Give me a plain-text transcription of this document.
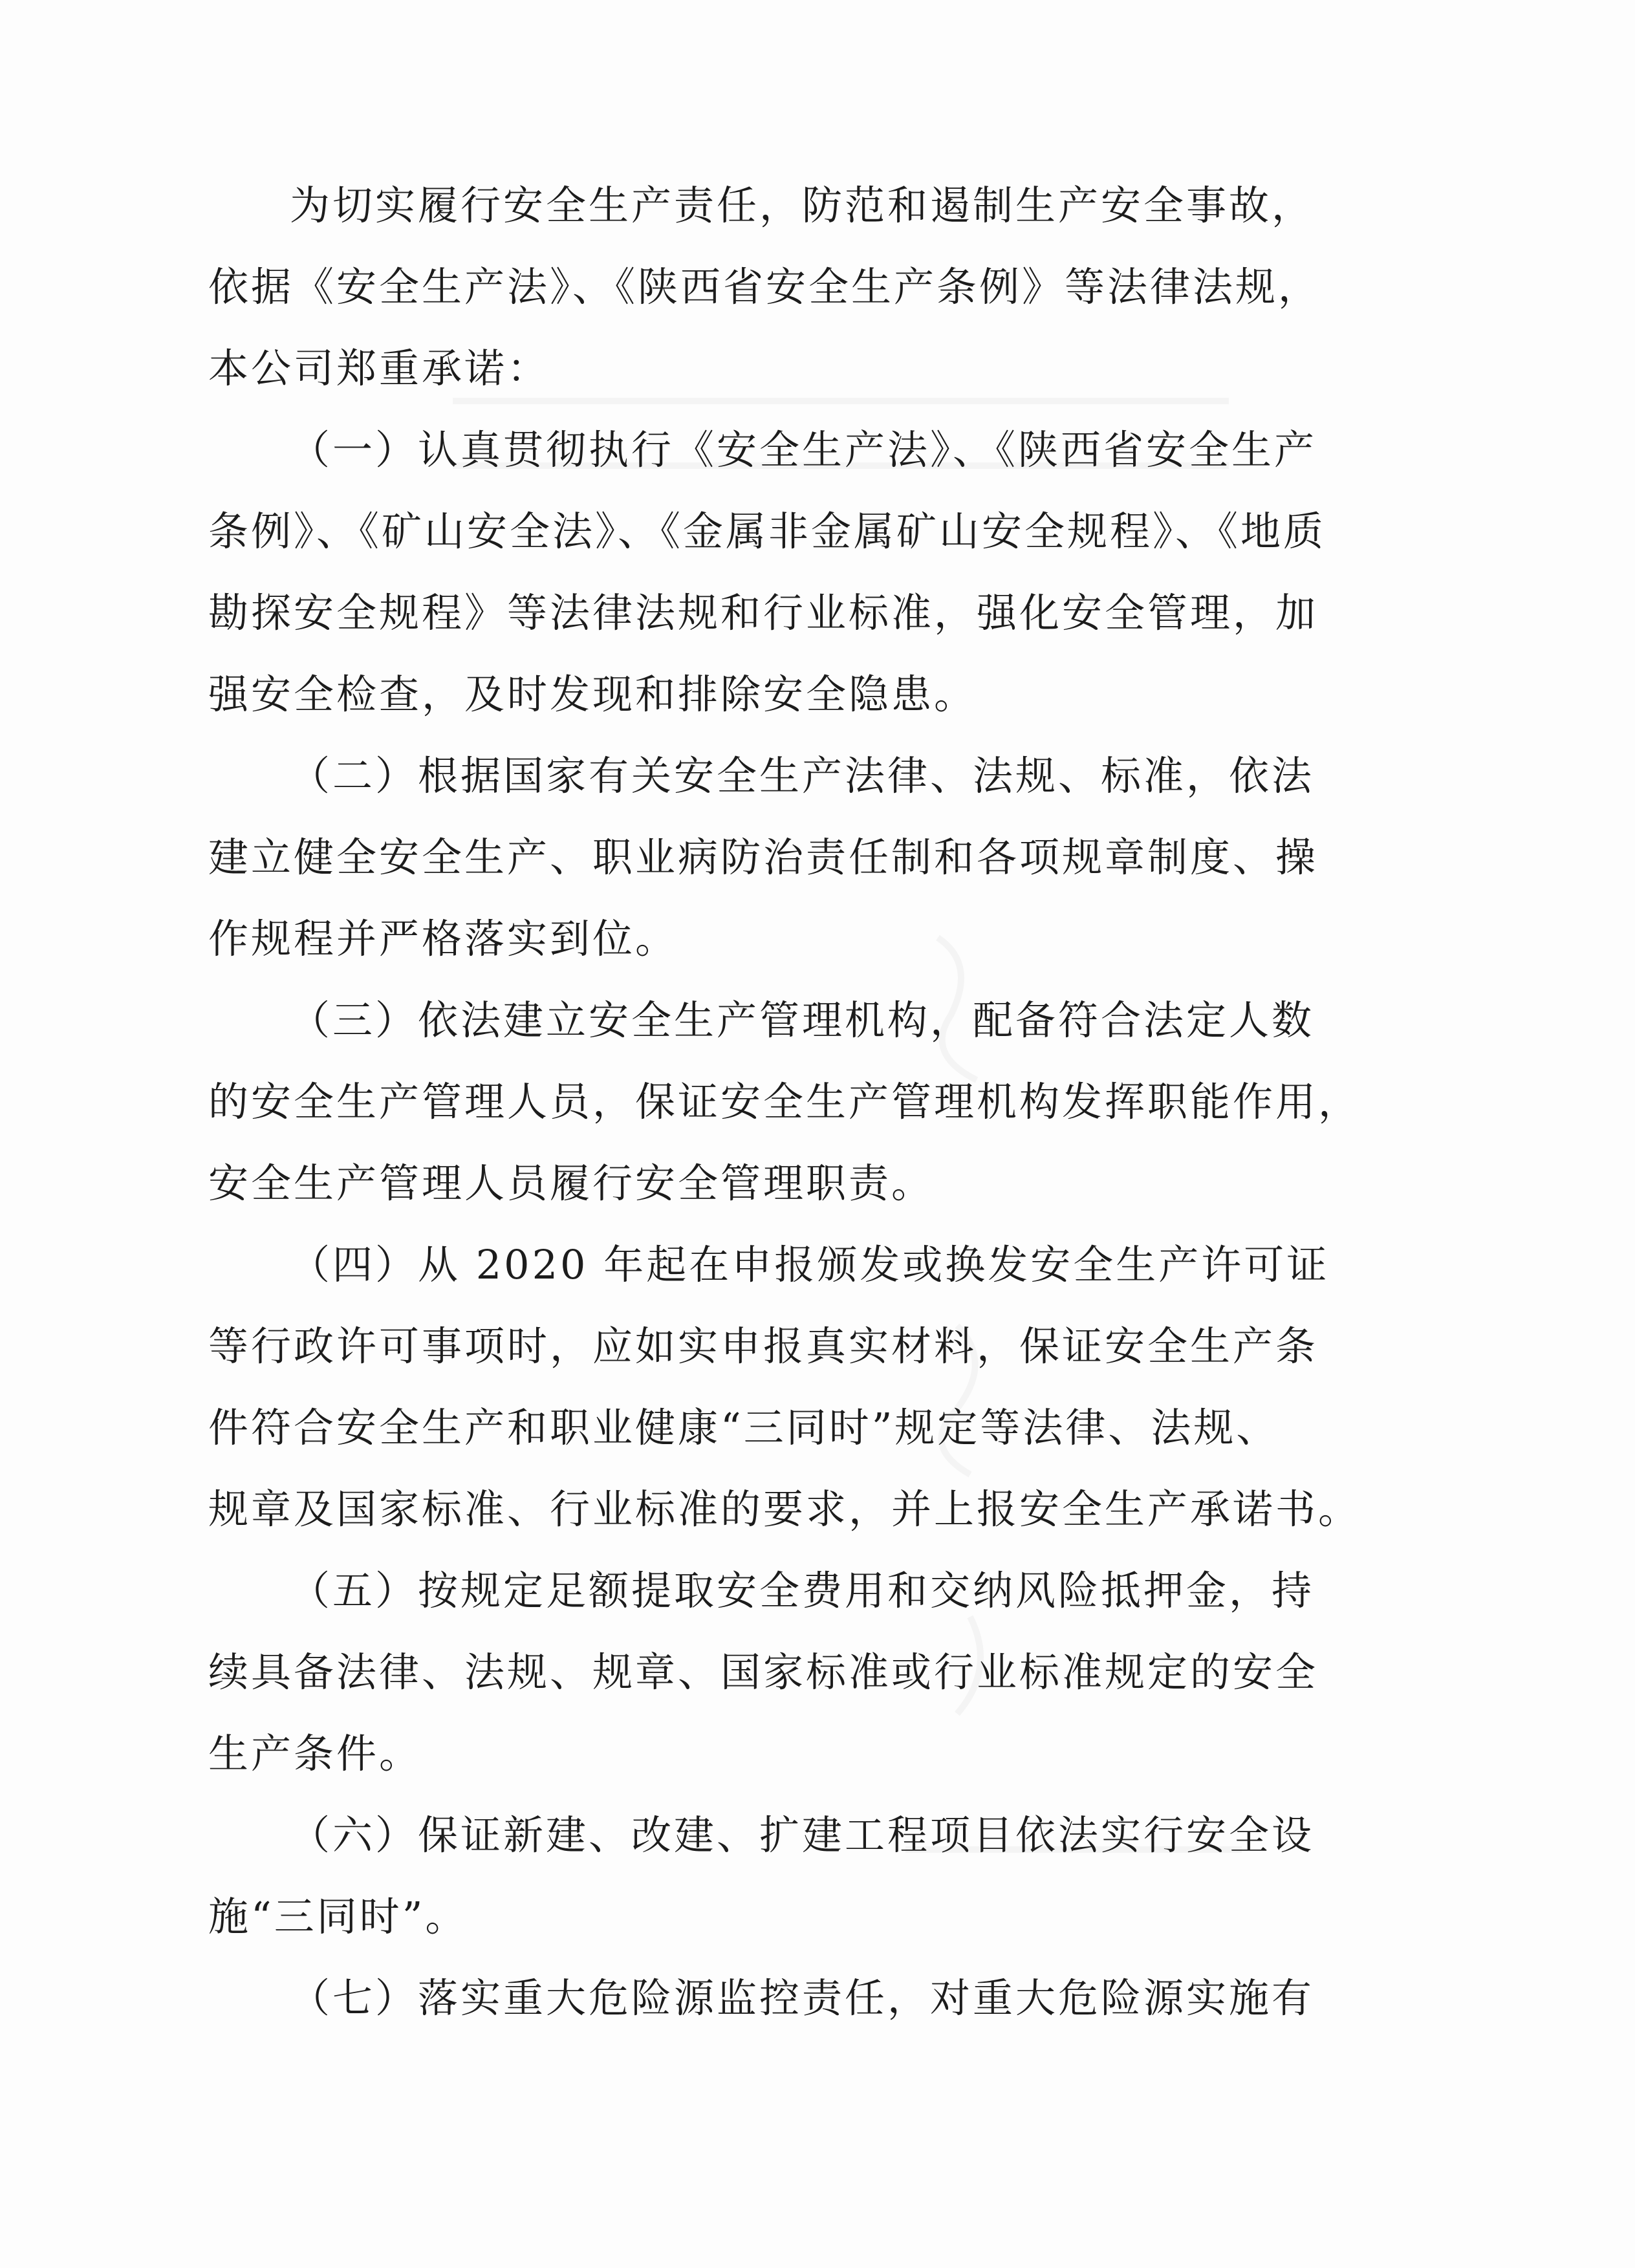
为切实履行安全生产责任，防范和遏制生产安全事故，
依据《安全生产法》、《陕西省安全生产条例》等法律法规，
本公司郑重承诺：

（一）认真贯彻执行《安全生产法》、《陕西省安全生产
条例》、《矿山安全法》、《金属非金属矿山安全规程》、《地质
勘探安全规程》等法律法规和行业标准，强化安全管理，加
强安全检查，及时发现和排除安全隐患。

（二）根据国家有关安全生产法律、法规、标准，依法
建立健全安全生产、职业病防治责任制和各项规章制度、操
作规程并严格落实到位。

（三）依法建立安全生产管理机构，配备符合法定人数
的安全生产管理人员，保证安全生产管理机构发挥职能作用，
安全生产管理人员履行安全管理职责。

（四）从 2020 年起在申报颁发或换发安全生产许可证
等行政许可事项时，应如实申报真实材料，保证安全生产条
件符合安全生产和职业健康“三同时”规定等法律、法规、
规章及国家标准、行业标准的要求，并上报安全生产承诺书。

（五）按规定足额提取安全费用和交纳风险抵押金，持
续具备法律、法规、规章、国家标准或行业标准规定的安全
生产条件。

（六）保证新建、改建、扩建工程项目依法实行安全设
施“三同时”。

（七）落实重大危险源监控责任，对重大危险源实施有
